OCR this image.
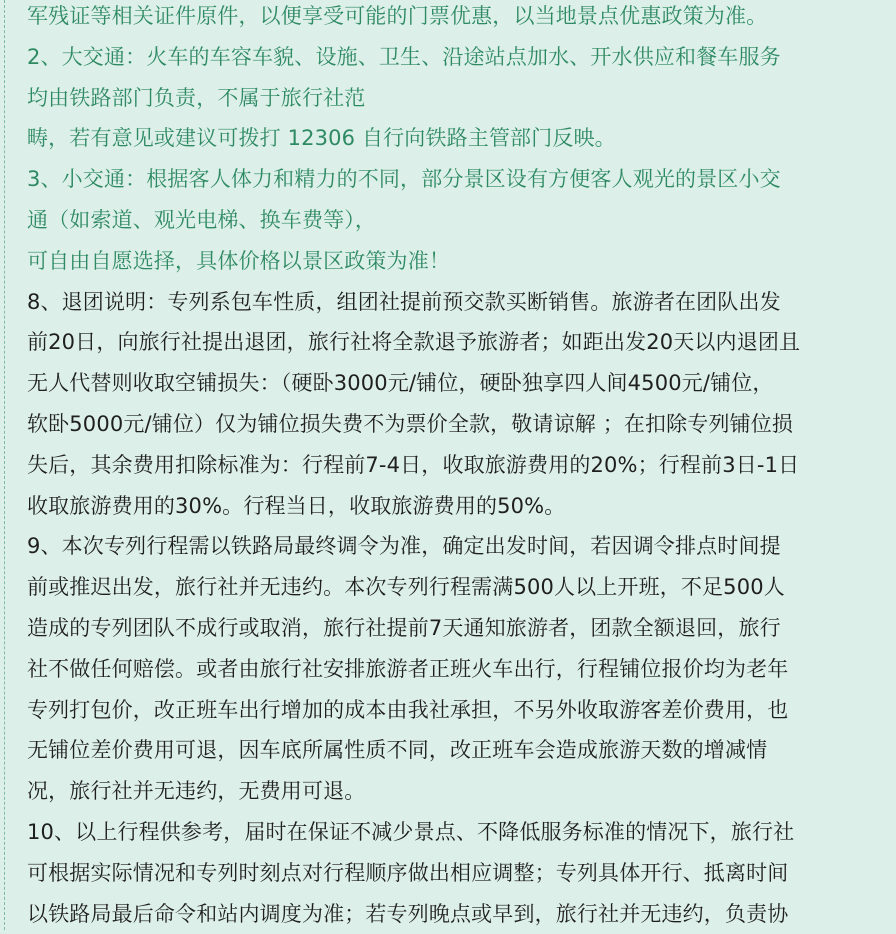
军残证等相关证件原件，以便享受可能的门票优惠，以当地景点优惠政策为准。
2、大交通：火车的车容车貌、设施、卫生、沿途站点加水、开水供应和餐车服务
均由铁路部门负责，不属于旅行社范
畴，若有意见或建议可拨打 12306 自行向铁路主管部门反映。
3、小交通：根据客人体力和精力的不同，部分景区设有方便客人观光的景区小交
通（如索道、观光电梯、换车费等），
可自由自愿选择，具体价格以景区政策为准！
8、退团说明：专列系包车性质，组团社提前预交款买断销售。旅游者在团队出发
前20日，向旅行社提出退团，旅行社将全款退予旅游者；如距出发20天以内退团且
无人代替则收取空铺损失：（硬卧3000元/铺位，硬卧独享四人间4500元/铺位，
软卧5000元/铺位）仅为铺位损失费不为票价全款，敬请谅解 ；在扣除专列铺位损
失后，其余费用扣除标准为：行程前7-4日，收取旅游费用的20%；行程前3日-1日
收取旅游费用的30%。行程当日，收取旅游费用的50%。
9、本次专列行程需以铁路局最终调令为准，确定出发时间，若因调令排点时间提
前或推迟出发，旅行社并无违约。本次专列行程需满500人以上开班，不足500人
造成的专列团队不成行或取消，旅行社提前7天通知旅游者，团款全额退回，旅行
社不做任何赔偿。或者由旅行社安排旅游者正班火车出行，行程铺位报价均为老年
专列打包价，改正班车出行增加的成本由我社承担，不另外收取游客差价费用，也
无铺位差价费用可退，因车底所属性质不同，改正班车会造成旅游天数的增减情
况，旅行社并无违约，无费用可退。
10、以上行程供参考，届时在保证不减少景点、不降低服务标准的情况下，旅行社
可根据实际情况和专列时刻点对行程顺序做出相应调整；专列具体开行、抵离时间
以铁路局最后命令和站内调度为准；若专列晚点或早到，旅行社并无违约，负责协
